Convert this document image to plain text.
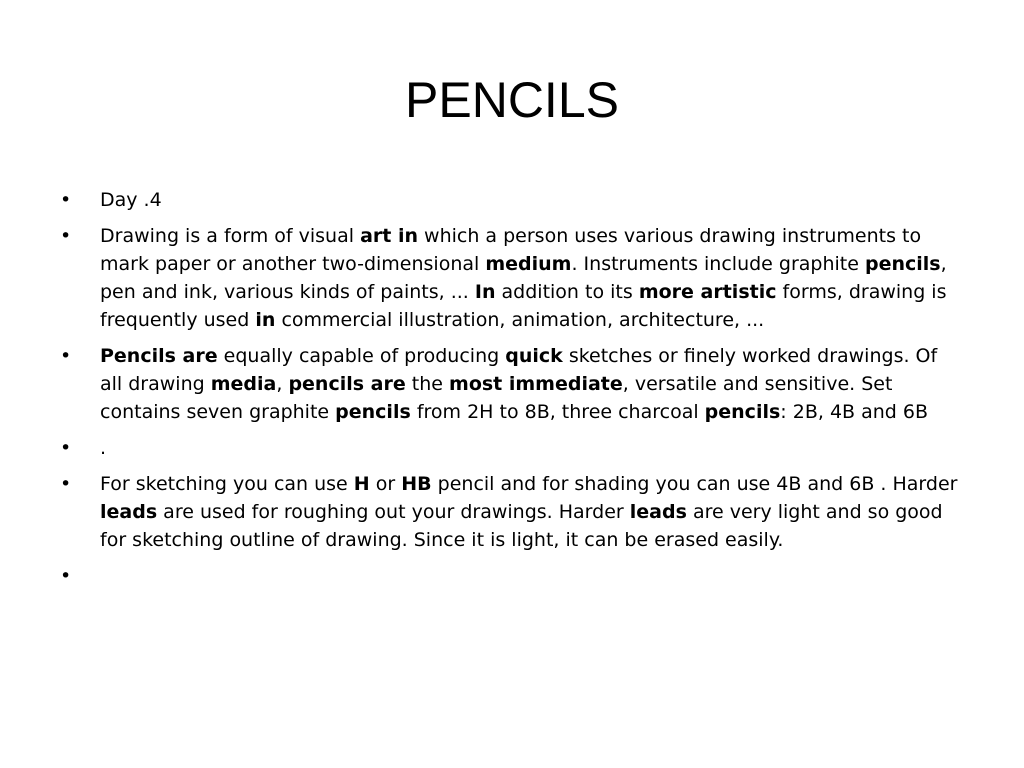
PENCILS
• Day .4
• Drawing is a form of visual art in which a person uses various drawing instruments to mark paper or another two-dimensional medium. Instruments include graphite pencils, pen and ink, various kinds of paints, ... In addition to its more artistic forms, drawing is frequently used in commercial illustration, animation, architecture, ...
• Pencils are equally capable of producing quick sketches or finely worked drawings. Of all drawing media, pencils are the most immediate, versatile and sensitive. Set contains seven graphite pencils from 2H to 8B, three charcoal pencils: 2B, 4B and 6B
• .
• For sketching you can use H or HB pencil and for shading you can use 4B and 6B . Harder leads are used for roughing out your drawings. Harder leads are very light and so good for sketching outline of drawing. Since it is light, it can be erased easily.
•
